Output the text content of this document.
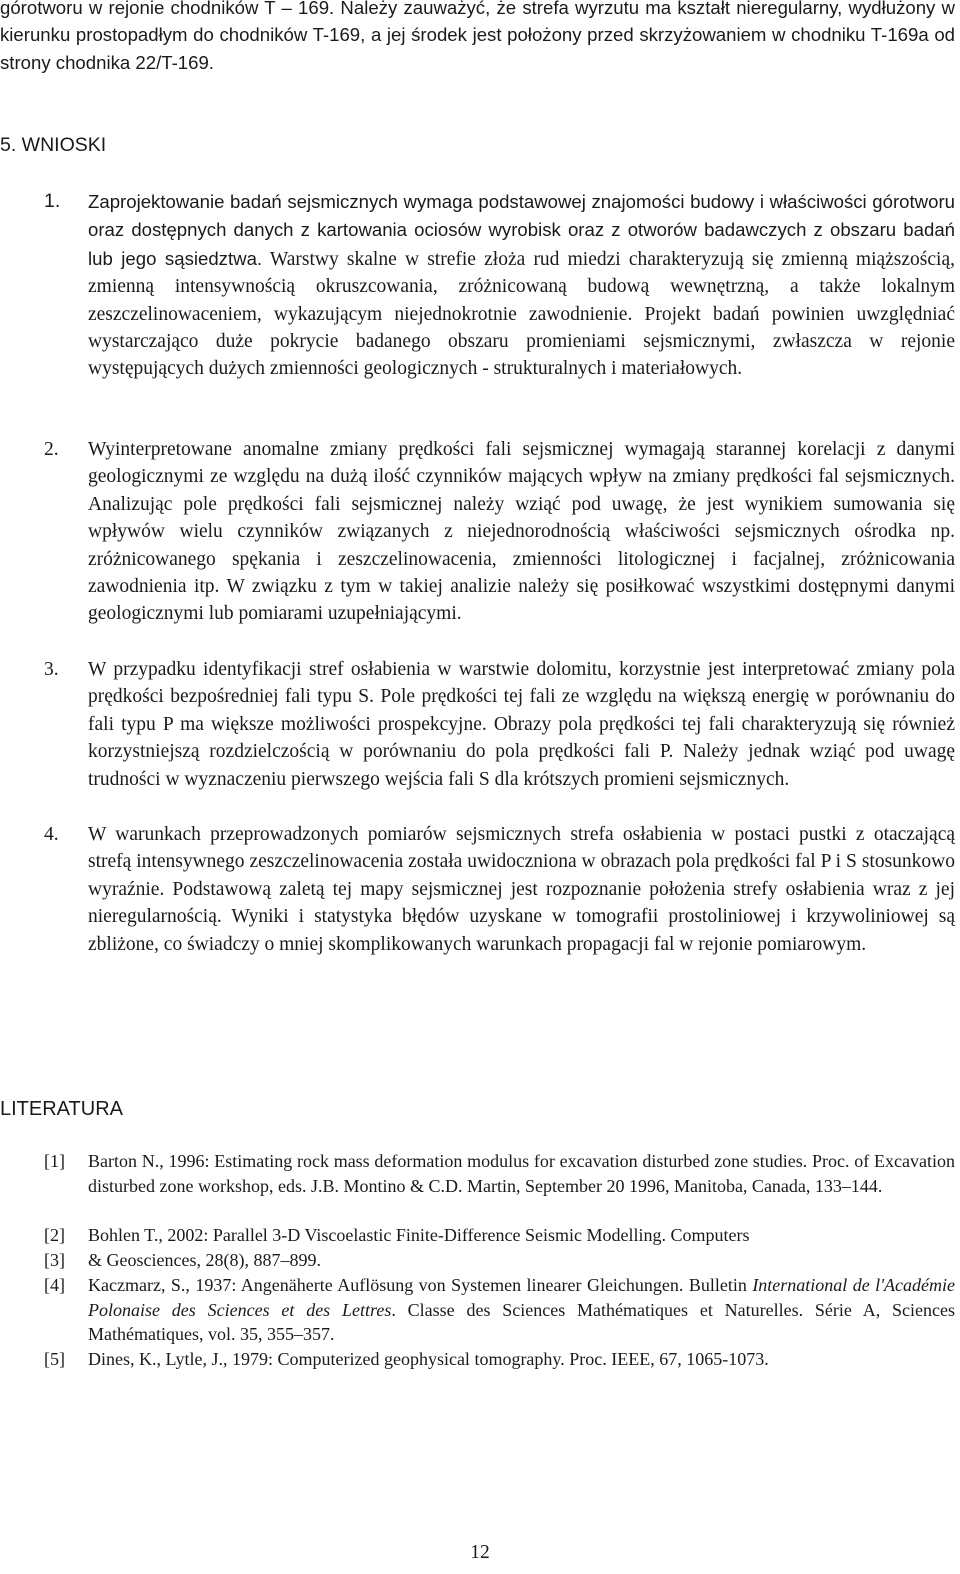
górotworu w rejonie chodników T – 169. Należy zauważyć, że strefa wyrzutu ma kształt nieregularny, wydłużony w kierunku prostopadłym do chodników T-169, a jej środek jest położony przed skrzyżowaniem w chodniku T-169a od strony chodnika 22/T-169.
5. WNIOSKI
1. Zaprojektowanie badań sejsmicznych wymaga podstawowej znajomości budowy i właściwości górotworu oraz dostępnych danych z kartowania ociosów wyrobisk oraz z otworów badawczych z obszaru badań lub jego sąsiedztwa. Warstwy skalne w strefie złoża rud miedzi charakteryzują się zmienną miąższością, zmienną intensywnością okruszcowania, zróżnicowaną budową wewnętrzną, a także lokalnym zeszczelinowaceniem, wykazującym niejednokrotnie zawodnienie. Projekt badań powinien uwzględniać wystarczająco duże pokrycie badanego obszaru promieniami sejsmicznymi, zwłaszcza w rejonie występujących dużych zmienności geologicznych - strukturalnych i materiałowych.
2. Wyinterpretowane anomalne zmiany prędkości fali sejsmicznej wymagają starannej korelacji z danymi geologicznymi ze względu na dużą ilość czynników mających wpływ na zmiany prędkości fal sejsmicznych. Analizując pole prędkości fali sejsmicznej należy wziąć pod uwagę, że jest wynikiem sumowania się wpływów wielu czynników związanych z niejednorodnością właściwości sejsmicznych ośrodka np. zróżnicowanego spękania i zeszczelinowacenia, zmienności litologicznej i facjalnej, zróżnicowania zawodnienia itp. W związku z tym w takiej analizie należy się posiłkować wszystkimi dostępnymi danymi geologicznymi lub pomiarami uzupełniającymi.
3. W przypadku identyfikacji stref osłabienia w warstwie dolomitu, korzystnie jest interpretować zmiany pola prędkości bezpośredniej fali typu S. Pole prędkości tej fali ze względu na większą energię w porównaniu do fali typu P ma większe możliwości prospekcyjne. Obrazy pola prędkości tej fali charakteryzują się również korzystniejszą rozdzielczością w porównaniu do pola prędkości fali P. Należy jednak wziąć pod uwagę trudności w wyznaczeniu pierwszego wejścia fali S dla krótszych promieni sejsmicznych.
4. W warunkach przeprowadzonych pomiarów sejsmicznych strefa osłabienia w postaci pustki z otaczającą strefą intensywnego zeszczelinowacenia została uwidoczniona w obrazach pola prędkości fal P i S stosunkowo wyraźnie. Podstawową zaletą tej mapy sejsmicznej jest rozpoznanie położenia strefy osłabienia wraz z jej nieregularnością. Wyniki i statystyka błędów uzyskane w tomografii prostoliniowej i krzywoliniowej są zbliżone, co świadczy o mniej skomplikowanych warunkach propagacji fal w rejonie pomiarowym.
LITERATURA
[1] Barton N., 1996: Estimating rock mass deformation modulus for excavation disturbed zone studies. Proc. of Excavation disturbed zone workshop, eds. J.B. Montino & C.D. Martin, September 20 1996, Manitoba, Canada, 133–144.
[2] Bohlen T., 2002: Parallel 3-D Viscoelastic Finite-Difference Seismic Modelling. Computers
[3] & Geosciences, 28(8), 887–899.
[4] Kaczmarz, S., 1937: Angenäherte Auflösung von Systemen linearer Gleichungen. Bulletin International de l'Académie Polonaise des Sciences et des Lettres. Classe des Sciences Mathématiques et Naturelles. Série A, Sciences Mathématiques, vol. 35, 355–357.
[5] Dines, K., Lytle, J., 1979: Computerized geophysical tomography. Proc. IEEE, 67, 1065-1073.
12
